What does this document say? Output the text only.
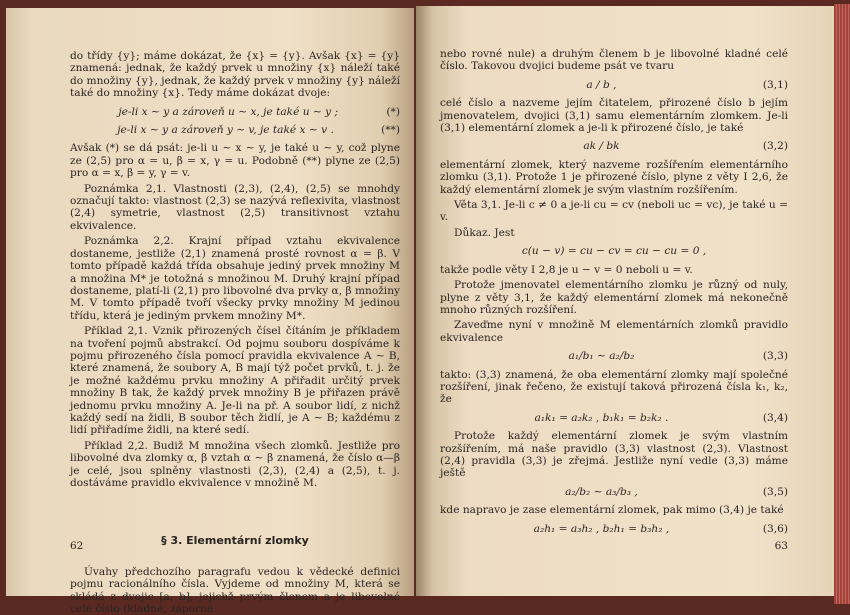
do třídy {y}; máme dokázat, že {x} = {y}. Avšak {x} = {y} znamená: jednak, že každý prvek u množiny {x} náleží také do množiny {y}, jednak, že každý prvek v množiny {y} náleží také do množiny {x}. Tedy máme dokázat dvoje:
je-li x ∼ y a zároveň u ∼ x, je také u ∼ y ;	(*)
je-li x ∼ y a zároveň y ∼ v, je také x ∼ v .	(**)
Avšak (*) se dá psát: je-li u ∼ x ∼ y, je také u ∼ y, což plyne ze (2,5) pro α = u, β = x, γ = u. Podobně (**) plyne ze (2,5) pro α = x, β = y, γ = v.
Poznámka 2,1. Vlastnosti (2,3), (2,4), (2,5) se mnohdy označují takto: vlastnost (2,3) se nazývá reflexivita, vlastnost (2,4) symetrie, vlastnost (2,5) transitivnost vztahu ekvivalence.
Poznámka 2,2. Krajní případ vztahu ekvivalence dostaneme, jestliže (2,1) znamená prosté rovnost α = β. V tomto případě každá třída obsahuje jediný prvek množiny M a množina M* je totožná s množinou M. Druhý krajní případ dostaneme, platí-li (2,1) pro libovolné dva prvky α, β množiny M. V tomto případě tvoří všecky prvky množiny M jedinou třídu, která je jediným prvkem množiny M*.
Příklad 2,1. Vznik přirozených čísel čítáním je příkladem na tvoření pojmů abstrakcí. Od pojmu souboru dospíváme k pojmu přirozeného čísla pomocí pravidla ekvivalence A ∼ B, které znamená, že soubory A, B mají týž počet prvků, t. j. že je možné každému prvku množiny A přiřadit určitý prvek množiny B tak, že každý prvek množiny B je přiřazen právě jednomu prvku množiny A. Je-li na př. A soubor lidí, z nichž každý sedí na židli, B soubor těch židlí, je A ∼ B; každému z lidí přiřadíme židli, na které sedí.
Příklad 2,2. Budiž M množina všech zlomků. Jestliže pro libovolné dva zlomky α, β vztah α ∼ β znamená, že číslo α—β je celé, jsou splněny vlastnosti (2,3), (2,4) a (2,5), t. j. dostáváme pravidlo ekvivalence v množině M.
§ 3. Elementární zlomky
Úvahy předchozího paragrafu vedou k vědecké definici pojmu racionálního čísla. Vyjdeme od množiny M, která se skládá z dvojic [a, b], jejichž prvým členem a je libovolné celé číslo (kladné, záporné
62
nebo rovné nule) a druhým členem b je libovolné kladné celé číslo. Takovou dvojici budeme psát ve tvaru
a / b ,	(3,1)
celé číslo a nazveme jejím čitatelem, přirozené číslo b jejím jmenovatelem, dvojici (3,1) samu elementárním zlomkem. Je-li (3,1) elementární zlomek a je-li k přirozené číslo, je také
ak / bk	(3,2)
elementární zlomek, který nazveme rozšířením elementárního zlomku (3,1). Protože 1 je přirozené číslo, plyne z věty I 2,6, že každý elementární zlomek je svým vlastním rozšířením.
Věta 3,1. Je-li c ≠ 0 a je-li cu = cv (neboli uc = vc), je také u = v.
Důkaz. Jest
c(u − v) = cu − cv = cu − cu = 0 ,
takže podle věty I 2,8 je u − v = 0 neboli u = v.
Protože jmenovatel elementárního zlomku je různý od nuly, plyne z věty 3,1, že každý elementární zlomek má nekonečně mnoho různých rozšíření.
Zaveďme nyní v množině M elementárních zlomků pravidlo ekvivalence
a₁/b₁ ∼ a₂/b₂	(3,3)
takto: (3,3) znamená, že oba elementární zlomky mají společné rozšíření, jinak řečeno, že existují taková přirozená čísla k₁, k₂, že
a₁k₁ = a₂k₂ , b₁k₁ = b₂k₂ .	(3,4)
Protože každý elementární zlomek je svým vlastním rozšířením, má naše pravidlo (3,3) vlastnost (2,3). Vlastnost (2,4) pravidla (3,3) je zřejmá. Jestliže nyní vedle (3,3) máme ještě
a₂/b₂ ∼ a₃/b₃ ,	(3,5)
kde napravo je zase elementární zlomek, pak mimo (3,4) je také
a₂h₁ = a₃h₂ , b₂h₁ = b₃h₂ ,	(3,6)
63
